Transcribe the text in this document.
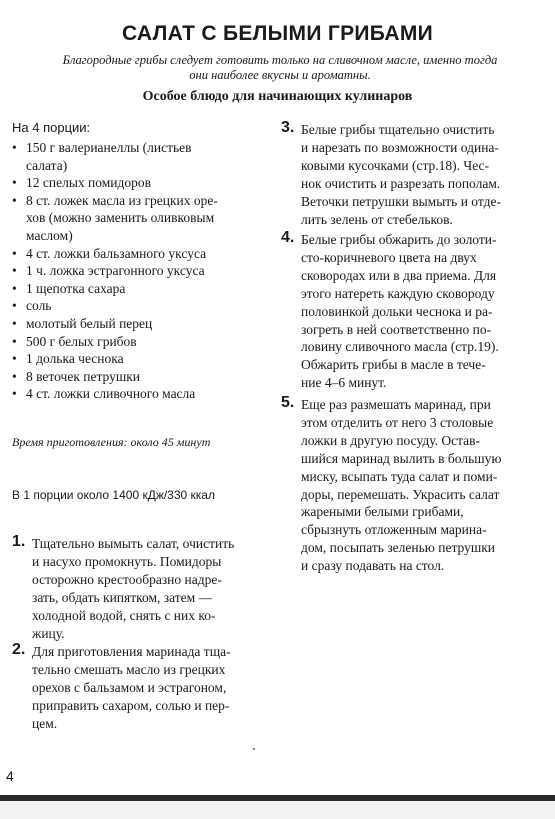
САЛАТ С БЕЛЫМИ ГРИБАМИ
Благородные грибы следует готовить только на сливочном масле, именно тогда
они наиболее вкусны и ароматны.
Особое блюдо для начинающих кулинаров
На 4 порции:
• 150 г валерианеллы (листьев
салата)
• 12 спелых помидоров
• 8 ст. ложек масла из грецких оре-
хов (можно заменить оливковым
маслом)
• 4 ст. ложки бальзамного уксуса
• 1 ч. ложка эстрагонного уксуса
• 1 щепотка сахара
• соль
• молотый белый перец
• 500 г белых грибов
• 1 долька чеснока
• 8 веточек петрушки
• 4 ст. ложки сливочного масла
Время приготовления: около 45 минут
В 1 порции около 1400 кДж/330 ккал
1. Тщательно вымыть салат, очистить
и насухо промокнуть. Помидоры
осторожно крестообразно надре-
зать, обдать кипятком, затем —
холодной водой, снять с них ко-
жицу.
2. Для приготовления маринада тща-
тельно смешать масло из грецких
орехов с бальзамом и эстрагоном,
приправить сахаром, солью и пер-
цем.
3. Белые грибы тщательно очистить
и нарезать по возможности одина-
ковыми кусочками (стр.18). Чес-
нок очистить и разрезать пополам.
Веточки петрушки вымыть и отде-
лить зелень от стебельков.
4. Белые грибы обжарить до золоти-
сто-коричневого цвета на двух
сковородах или в два приема. Для
этого натереть каждую сковороду
половинкой дольки чеснока и ра-
зогреть в ней соответственно по-
ловину сливочного масла (стр.19).
Обжарить грибы в масле в тече-
ние 4–6 минут.
5. Еще раз размешать маринад, при
этом отделить от него 3 столовые
ложки в другую посуду. Остав-
шийся маринад вылить в большую
миску, всыпать туда салат и поми-
доры, перемешать. Украсить салат
жареными белыми грибами,
сбрызнуть отложенным марина-
дом, посыпать зеленью петрушки
и сразу подавать на стол.
4
